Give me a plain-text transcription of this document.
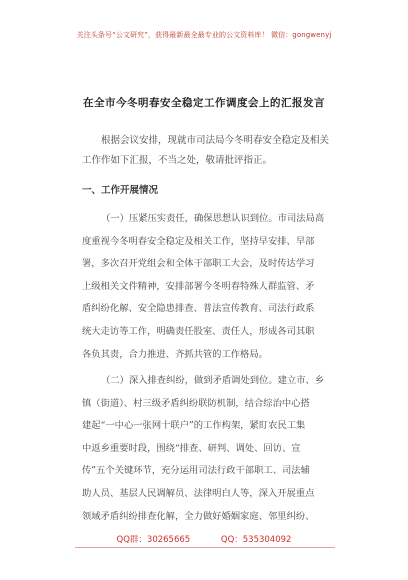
关注头条号“公文研究”，获得最新最全最专业的公文资料库！ 微信：gongwenyj
在全市今冬明春安全稳定工作调度会上的汇报发言

根据会议安排，现就市司法局今冬明春安全稳定及相关
工作作如下汇报，不当之处，敬请批评指正。

一、工作开展情况

（一）压紧压实责任，确保思想认识到位。市司法局高
度重视今冬明春安全稳定及相关工作，坚持早安排、早部
署，多次召开党组会和全体干部职工大会，及时传达学习
上级相关文件精神，安排部署今冬明春特殊人群监管、矛
盾纠纷化解、安全隐患排查、普法宣传教育、司法行政系
统大走访等工作，明确责任股室、责任人，形成各司其职
各负其责，合力推进、齐抓共管的工作格局。

（二）深入排查纠纷，做到矛盾调处到位。建立市、乡
镇（街道）、村三级矛盾纠纷联防机制，结合综治中心搭
建起“一中心一张网十联户”的工作构架，紧盯农民工集
中返乡重要时段，围绕“排查、研判、调处、回访、宣
传”五个关键环节，充分运用司法行政干部职工、司法辅
助人员、基层人民调解员、法律明白人等，深入开展重点
领域矛盾纠纷排查化解，全力做好婚姻家庭、邻里纠纷、

QQ群：30265665	QQ：535304092
